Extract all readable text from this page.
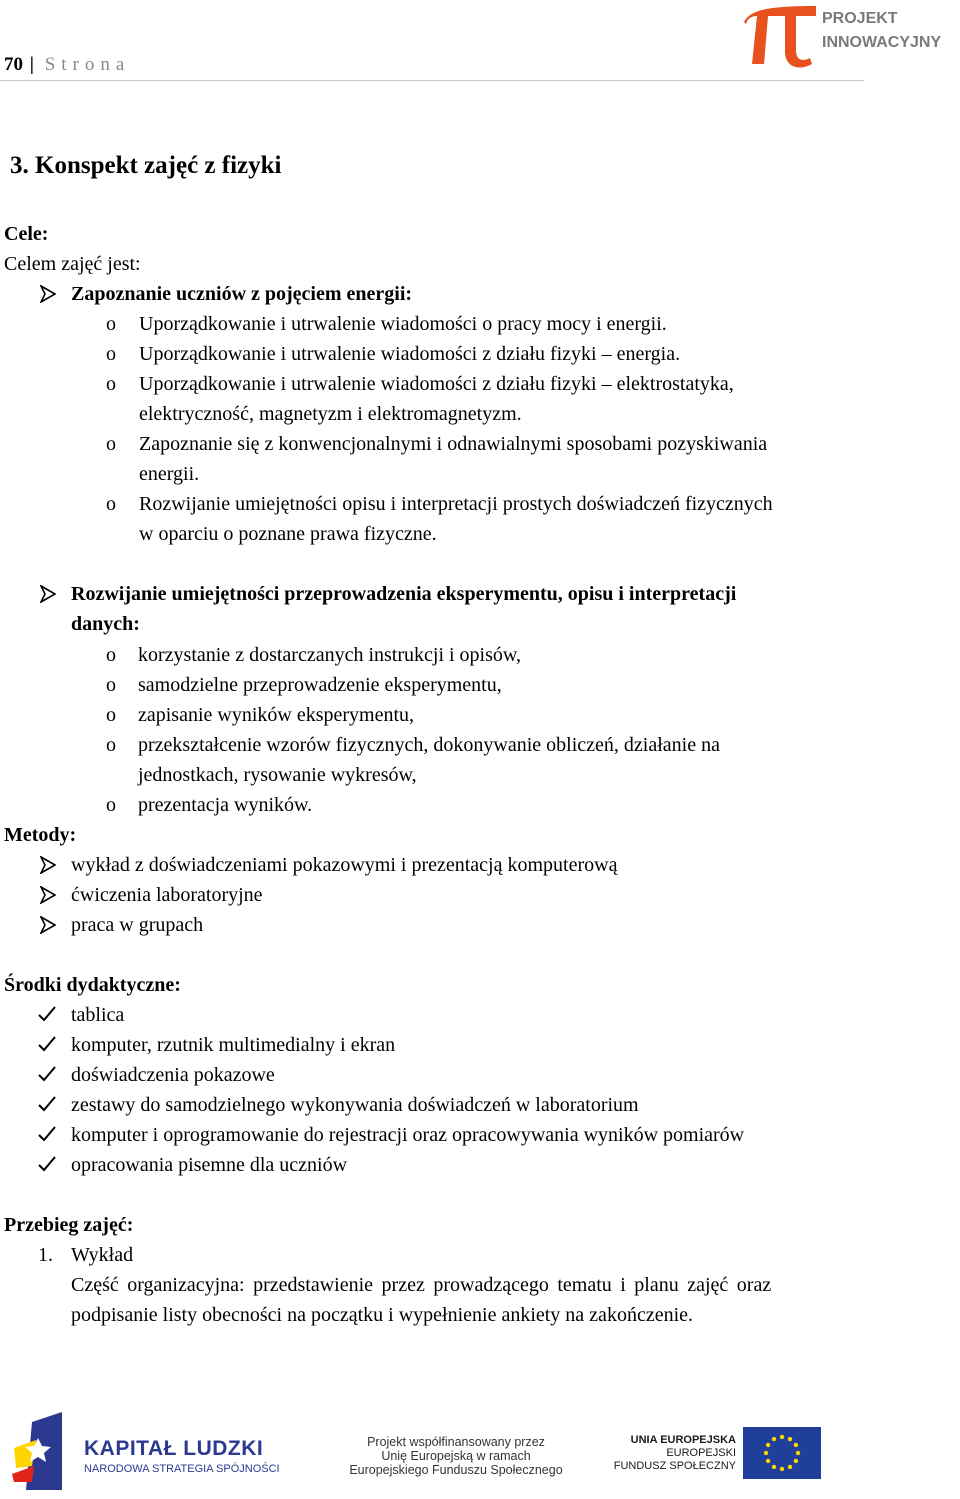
70 | Strona
PROJEKT
INNOWACYJNY
3. Konspekt zajęć z fizyki
Cele:
Celem zajęć jest:
Zapoznanie uczniów z pojęciem energii:
o Uporządkowanie i utrwalenie wiadomości o pracy mocy i energii.
o Uporządkowanie i utrwalenie wiadomości z działu fizyki – energia.
o Uporządkowanie i utrwalenie wiadomości z działu fizyki – elektrostatyka,
elektryczność, magnetyzm i elektromagnetyzm.
o Zapoznanie się z konwencjonalnymi i odnawialnymi sposobami pozyskiwania
energii.
o Rozwijanie umiejętności opisu i interpretacji prostych doświadczeń fizycznych
w oparciu o poznane prawa fizyczne.
Rozwijanie umiejętności przeprowadzenia eksperymentu, opisu i interpretacji
danych:
o korzystanie z dostarczanych instrukcji i opisów,
o samodzielne przeprowadzenie eksperymentu,
o zapisanie wyników eksperymentu,
o przekształcenie wzorów fizycznych, dokonywanie obliczeń, działanie na
jednostkach, rysowanie wykresów,
o prezentacja wyników.
Metody:
wykład z doświadczeniami pokazowymi i prezentacją komputerową
ćwiczenia laboratoryjne
praca w grupach
Środki dydaktyczne:
tablica
komputer, rzutnik multimedialny i ekran
doświadczenia pokazowe
zestawy do samodzielnego wykonywania doświadczeń w laboratorium
komputer i oprogramowanie do rejestracji oraz opracowywania wyników pomiarów
opracowania pisemne dla uczniów
Przebieg zajęć:
1. Wykład
Część organizacyjna: przedstawienie przez prowadzącego tematu i planu zajęć oraz
podpisanie listy obecności na początku i wypełnienie ankiety na zakończenie.
KAPITAŁ LUDZKI
NARODOWA STRATEGIA SPÓJNOŚCI
Projekt współfinansowany przez
Unię Europejską w ramach
Europejskiego Funduszu Społecznego
UNIA EUROPEJSKA
EUROPEJSKI
FUNDUSZ SPOŁECZNY
